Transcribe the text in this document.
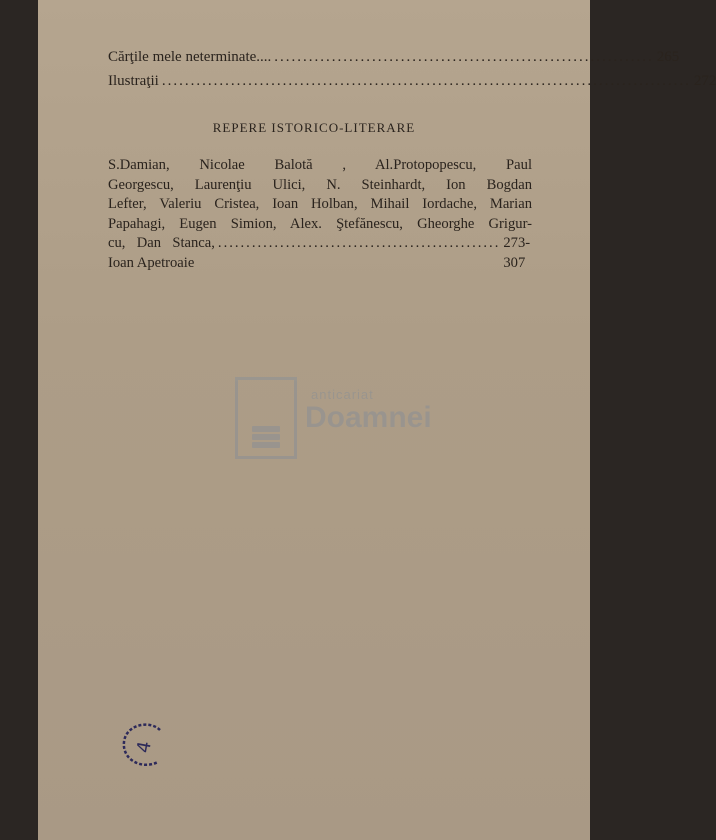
Cărţile mele neterminate.... .................................................................. 265
Ilustraţii ............................................................................................ 272
REPERE ISTORICO-LITERARE
S.Damian, Nicolae Balotă , Al.Protopopescu, Paul
Georgescu, Laurenţiu Ulici, N. Steinhardt, Ion Bogdan
Lefter, Valeriu Cristea, Ioan Holban, Mihail Iordache, Marian
Papahagi, Eugen Simion, Alex. Ştefănescu, Gheorghe Grigur-
cu, Dan Stanca, Ioan Apetroaie
.................................................. 273-307
anticariat
Doamnei
4
